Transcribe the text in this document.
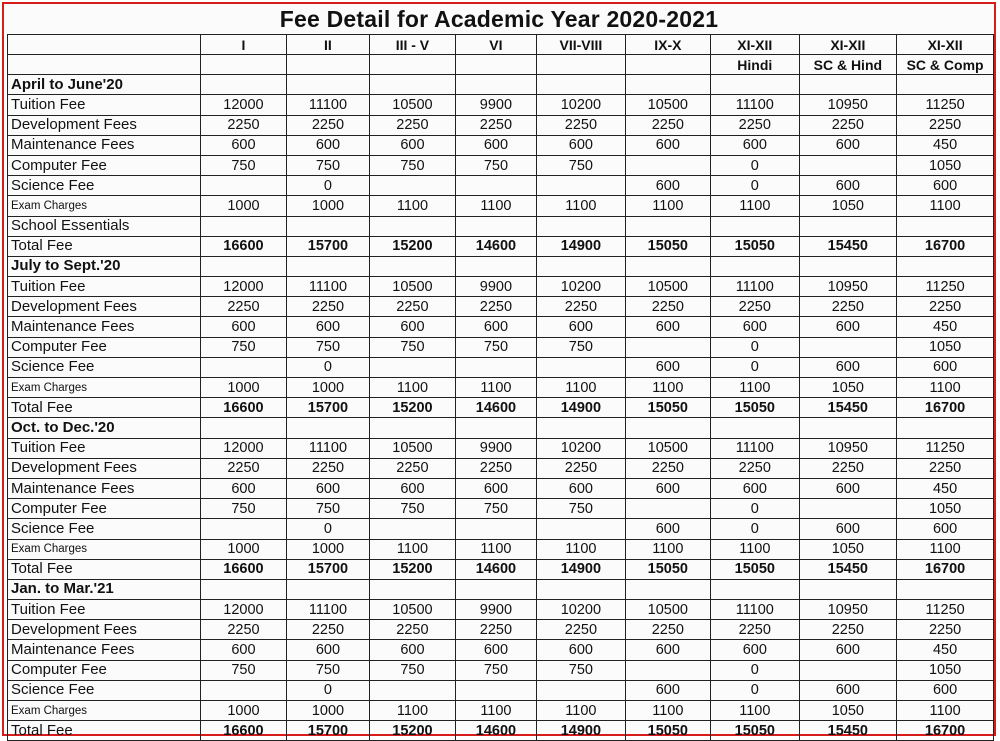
Fee Detail for Academic Year 2020-2021
	I	II	III - V	VI	VII-VIII	IX-X	XI-XII	XI-XII	XI-XII
							Hindi	SC & Hind	SC & Comp
April to June'20									
Tuition Fee	12000	11100	10500	9900	10200	10500	11100	10950	11250
Development Fees	2250	2250	2250	2250	2250	2250	2250	2250	2250
Maintenance Fees	600	600	600	600	600	600	600	600	450
Computer Fee	750	750	750	750	750		0		1050
Science Fee		0				600	0	600	600
Exam Charges	1000	1000	1100	1100	1100	1100	1100	1050	1100
School Essentials									
Total Fee	16600	15700	15200	14600	14900	15050	15050	15450	16700
July to Sept.'20									
Tuition Fee	12000	11100	10500	9900	10200	10500	11100	10950	11250
Development Fees	2250	2250	2250	2250	2250	2250	2250	2250	2250
Maintenance Fees	600	600	600	600	600	600	600	600	450
Computer Fee	750	750	750	750	750		0		1050
Science Fee		0				600	0	600	600
Exam Charges	1000	1000	1100	1100	1100	1100	1100	1050	1100
Total Fee	16600	15700	15200	14600	14900	15050	15050	15450	16700
Oct. to Dec.'20									
Tuition Fee	12000	11100	10500	9900	10200	10500	11100	10950	11250
Development Fees	2250	2250	2250	2250	2250	2250	2250	2250	2250
Maintenance Fees	600	600	600	600	600	600	600	600	450
Computer Fee	750	750	750	750	750		0		1050
Science Fee		0				600	0	600	600
Exam Charges	1000	1000	1100	1100	1100	1100	1100	1050	1100
Total Fee	16600	15700	15200	14600	14900	15050	15050	15450	16700
Jan. to Mar.'21									
Tuition Fee	12000	11100	10500	9900	10200	10500	11100	10950	11250
Development Fees	2250	2250	2250	2250	2250	2250	2250	2250	2250
Maintenance Fees	600	600	600	600	600	600	600	600	450
Computer Fee	750	750	750	750	750		0		1050
Science Fee		0				600	0	600	600
Exam Charges	1000	1000	1100	1100	1100	1100	1100	1050	1100
Total Fee	16600	15700	15200	14600	14900	15050	15050	15450	16700
